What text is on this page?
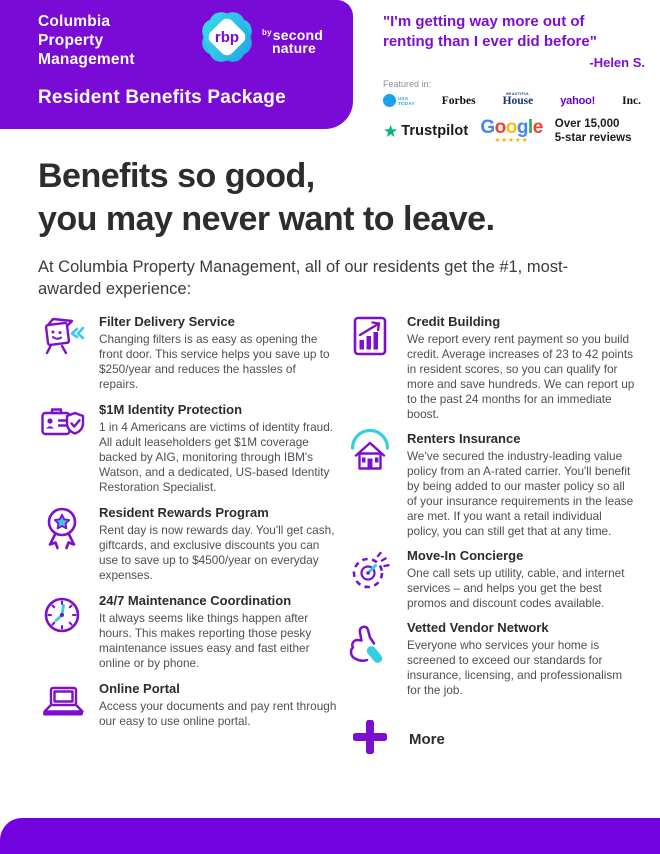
Columbia
Property
Management
rbp	$^{by}$second
nature
Resident Benefits Package
"I'm getting way more out of
renting than I ever did before"
-Helen S.
Featured in:
USA
TODAY Forbes
BEAUTIFUL
House yahoo! Inc.
★ Trustpilot Google
★★★★★
Over 15,000
5-star reviews
Benefits so good,
you may never want to leave.
At Columbia Property Management, all of our residents get the #1, most-awarded experience:
Filter Delivery Service
Changing filters is as easy as opening the front door. This service helps you save up to $250/year and reduces the hassles of repairs.
$1M Identity Protection
1 in 4 Americans are victims of identity fraud. All adult leaseholders get $1M coverage backed by AIG, monitoring through IBM's Watson, and a dedicated, US-based Identity Restoration Specialist.
Resident Rewards Program
Rent day is now rewards day. You'll get cash, giftcards, and exclusive discounts you can use to save up to $4500/year on everyday expenses.
24/7 Maintenance Coordination
It always seems like things happen after hours. This makes reporting those pesky maintenance issues easy and fast either online or by phone.
Online Portal
Access your documents and pay rent through our easy to use online portal.
Credit Building
We report every rent payment so you build credit. Average increases of 23 to 42 points in resident scores, so you can qualify for more and save hundreds. We can report up to the past 24 months for an immediate boost.
Renters Insurance
We've secured the industry-leading value policy from an A-rated carrier. You'll benefit by being added to our master policy so all of your insurance requirements in the lease are met. If you want a retail individual policy, you can still get that at any time.
Move-In Concierge
One call sets up utility, cable, and internet services – and helps you get the best promos and discount codes available.
Vetted Vendor Network
Everyone who services your home is screened to exceed our standards for insurance, licensing, and professionalism for the job.
More
